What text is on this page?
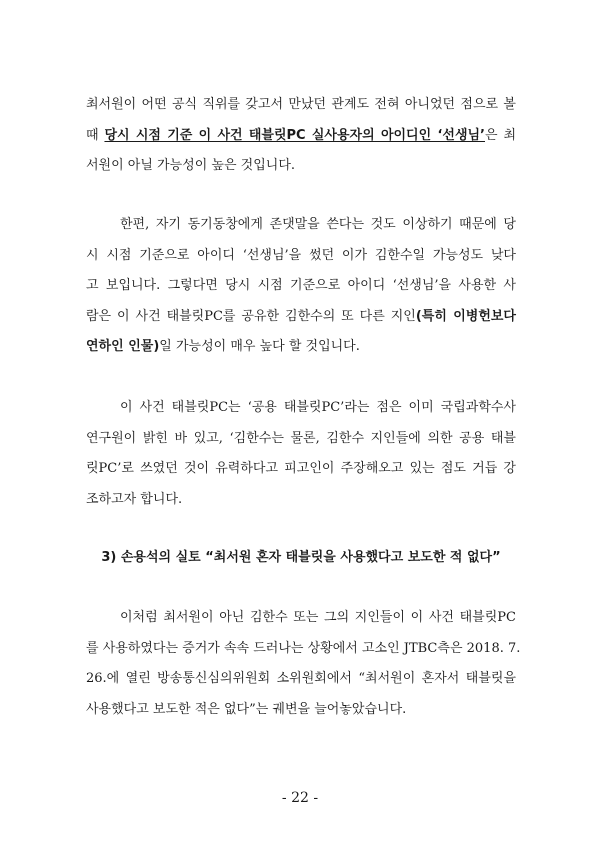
최서원이 어떤 공식 직위를 갖고서 만났던 관계도 전혀 아니었던 점으로 볼
때 당시 시점 기준 이 사건 태블릿PC 실사용자의 아이디인 ‘선생님’은 최
서원이 아닐 가능성이 높은 것입니다.
한편, 자기 동기동창에게 존댓말을 쓴다는 것도 이상하기 때문에 당
시 시점 기준으로 아이디 ‘선생님’을 썼던 이가 김한수일 가능성도 낮다
고 보입니다. 그렇다면 당시 시점 기준으로 아이디 ‘선생님’을 사용한 사
람은 이 사건 태블릿PC를 공유한 김한수의 또 다른 지인(특히 이병헌보다
연하인 인물)일 가능성이 매우 높다 할 것입니다.
이 사건 태블릿PC는 ‘공용 태블릿PC’라는 점은 이미 국립과학수사
연구원이 밝힌 바 있고, ‘김한수는 물론, 김한수 지인들에 의한 공용 태블
릿PC’로 쓰였던 것이 유력하다고 피고인이 주장해오고 있는 점도 거듭 강
조하고자 합니다.

3) 손용석의 실토 “최서원 혼자 태블릿을 사용했다고 보도한 적 없다”

이처럼 최서원이 아닌 김한수 또는 그의 지인들이 이 사건 태블릿PC
를 사용하였다는 증거가 속속 드러나는 상황에서 고소인 JTBC측은 2018. 7.
26.에 열린 방송통신심의위원회 소위원회에서 “최서원이 혼자서 태블릿을
사용했다고 보도한 적은 없다”는 궤변을 늘어놓았습니다.

- 22 -
